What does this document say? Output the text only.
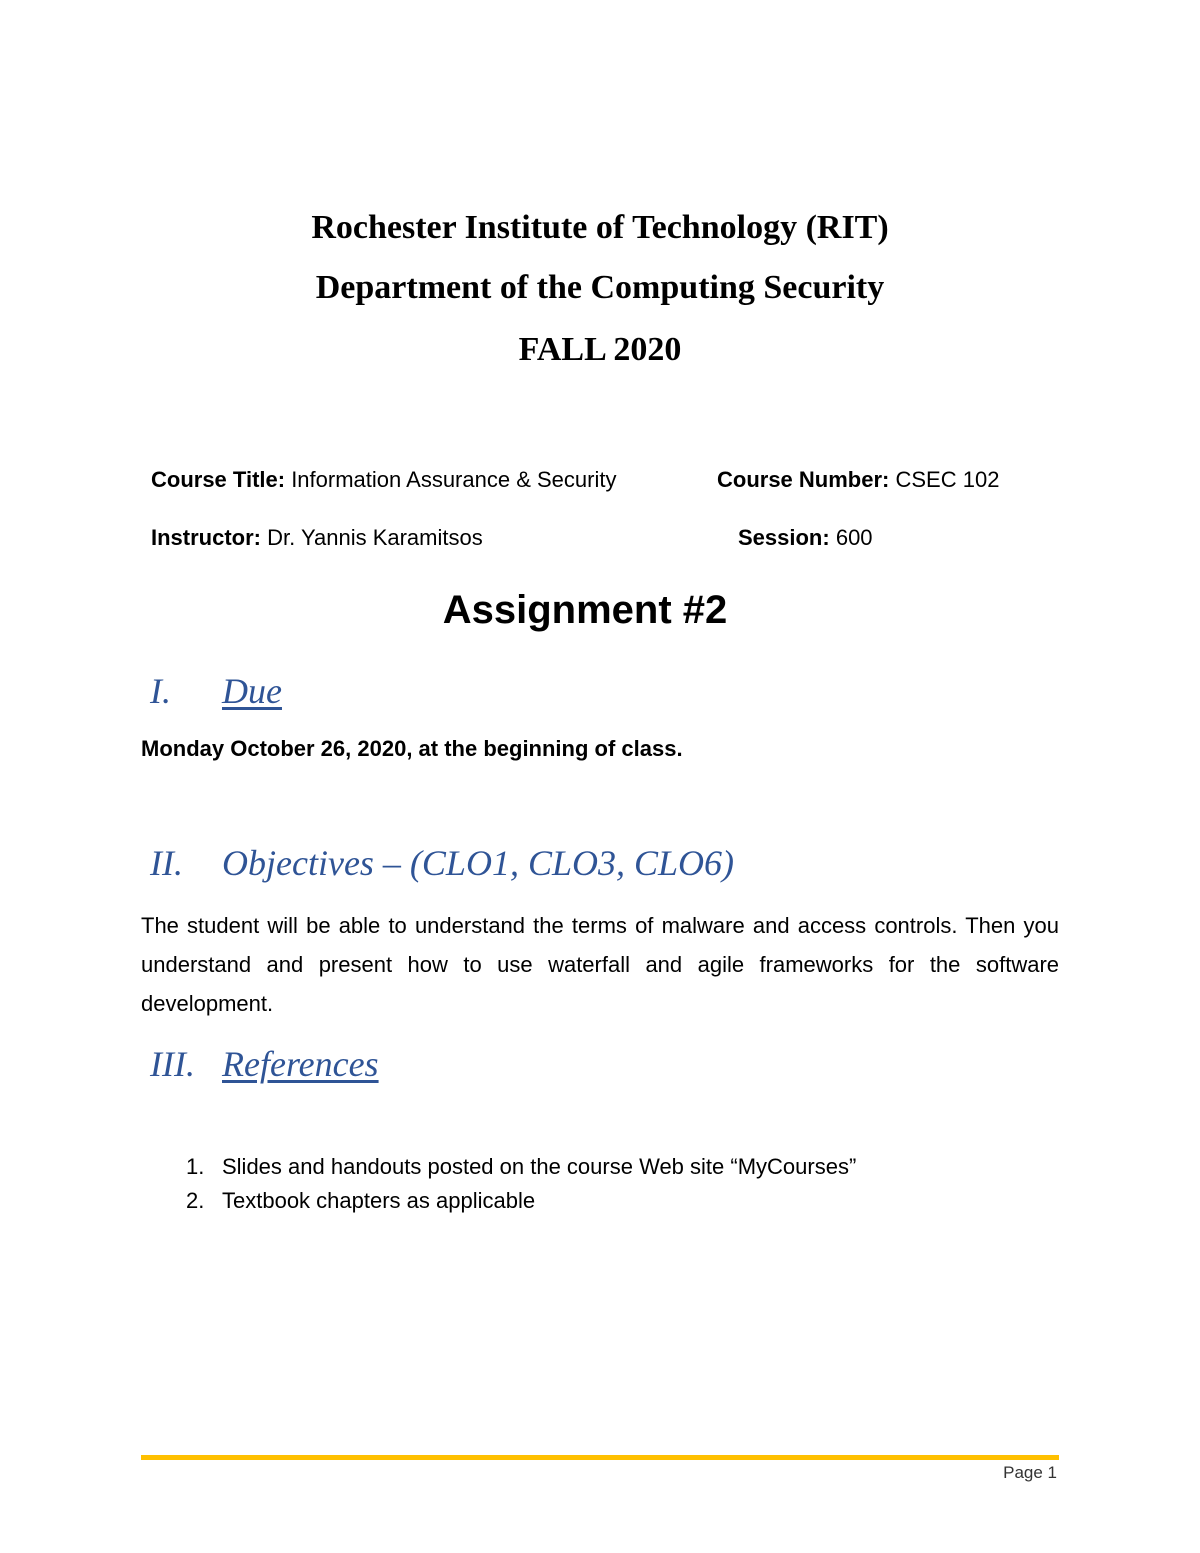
Rochester Institute of Technology (RIT)
Department of the Computing Security
FALL 2020
Course Title: Information Assurance & Security	Course Number: CSEC 102
Instructor: Dr. Yannis Karamitsos	Session: 600
Assignment #2
I. Due
Monday October 26, 2020, at the beginning of class.
II. Objectives – (CLO1, CLO3, CLO6)
The student will be able to understand the terms of malware and access controls. Then you understand and present how to use waterfall and agile frameworks for the software development.
III. References
1. Slides and handouts posted on the course Web site “MyCourses”
2. Textbook chapters as applicable
Page 1
